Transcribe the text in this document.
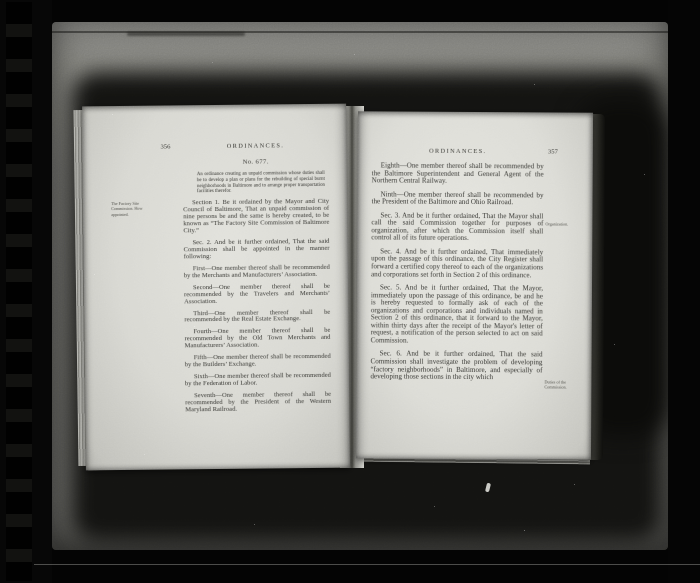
The Factory Site Commission. How appointed.
356	ORDINANCES.
No. 677.
An ordinance creating an unpaid commission whose duties shall be to develop a plan or plans for the rebuilding of special burnt neighborhoods in Baltimore and to arrange proper transportation facilities therefor.
Section 1. Be it ordained by the Mayor and City Council of Baltimore, That an unpaid commission of nine persons be and the same is hereby created, to be known as “The Factory Site Commission of Baltimore City.”
Sec. 2. And be it further ordained, That the said Commission shall be appointed in the manner following:
First—One member thereof shall be recommended by the Merchants and Manufacturers’ Association.
Second—One member thereof shall be recommended by the Travelers and Merchants’ Association.
Third—One member thereof shall be recommended by the Real Estate Exchange.
Fourth—One member thereof shall be recommended by the Old Town Merchants and Manufacturers’ Association.
Fifth—One member thereof shall be recommended by the Builders’ Exchange.
Sixth—One member thereof shall be recommended by the Federation of Labor.
Seventh—One member thereof shall be recommended by the President of the Western Maryland Railroad.
Organization.
Duties of the Commission.
ORDINANCES.	357
Eighth—One member thereof shall be recommended by the Baltimore Superintendent and General Agent of the Northern Central Railway.
Ninth—One member thereof shall be recommended by the President of the Baltimore and Ohio Railroad.
Sec. 3. And be it further ordained, That the Mayor shall call the said Commission together for purposes of organization, after which the Commission itself shall control all of its future operations.
Sec. 4. And be it further ordained, That immediately upon the passage of this ordinance, the City Register shall forward a certified copy thereof to each of the organizations and corporations set forth in Section 2 of this ordinance.
Sec. 5. And be it further ordained, That the Mayor, immediately upon the passage of this ordinance, be and he is hereby requested to formally ask of each of the organizations and corporations and individuals named in Section 2 of this ordinance, that it forward to the Mayor, within thirty days after the receipt of the Mayor's letter of request, a notification of the person selected to act on said Commission.
Sec. 6. And be it further ordained, That the said Commission shall investigate the problem of developing “factory neighborhoods” in Baltimore, and especially of developing those sections in the city which
